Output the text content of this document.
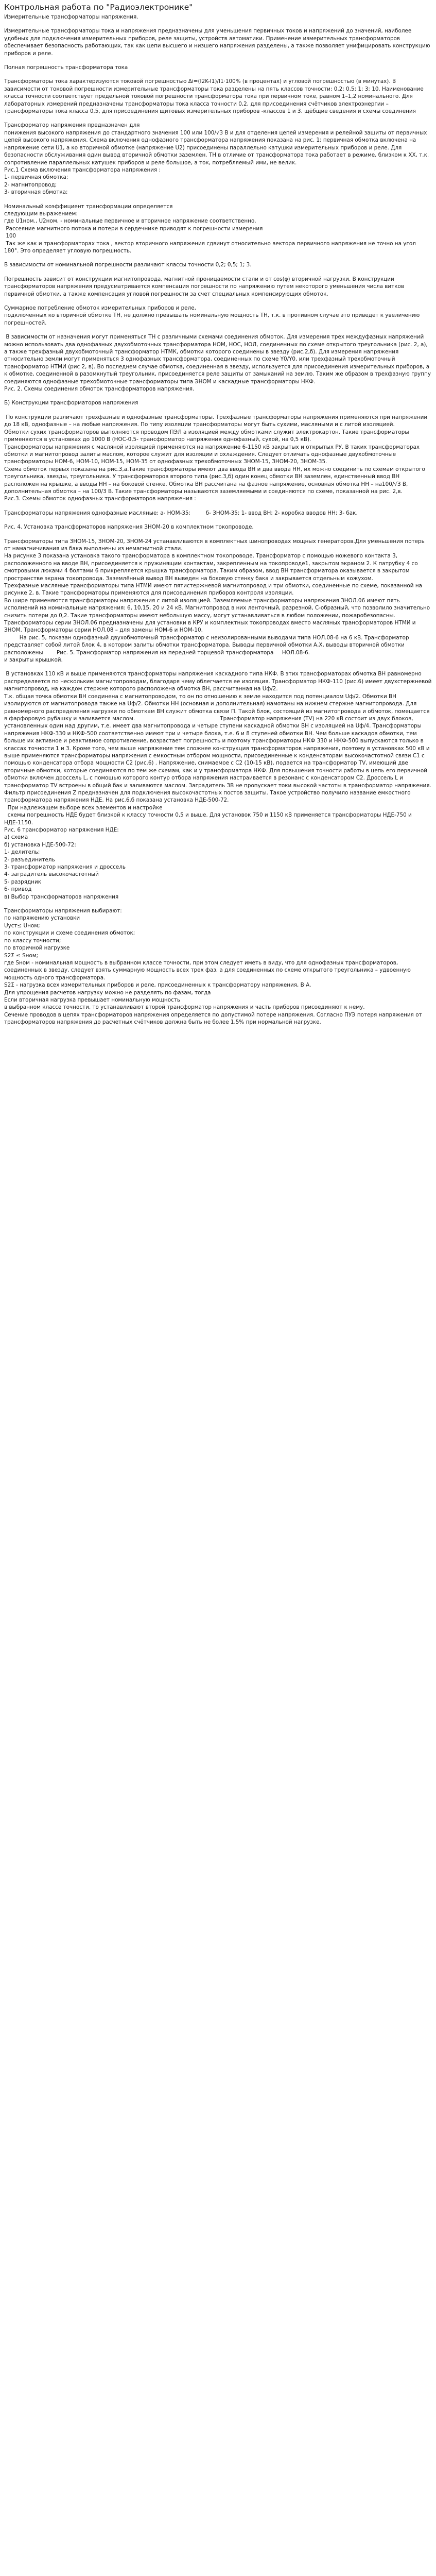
Контрольная работа по "Радиоэлектронике"

Измерительные трансформаторы напряжения.

Измерительные трансформаторы тока и напряжения предназначены для уменьшения первичных токов и напряжений до значений, наиболее удобных для подключения измерительных приборов, реле защиты, устройств автоматики. Применение измерительных трансформаторов обеспечивает безопасность работающих, так как цепи высшего и низшего напряжения разделены, а также позволяет унифицировать конструкцию приборов и реле.

Полная погрешность трансформатора тока

Трансформаторы тока характеризуются токовой погрешностью Δi=(I2K-I1)/I1·100% (в процентах) и угловой погрешностью (в минутах). В зависимости от токовой погрешности измерительные трансформаторы тока разделены на пять классов точности: 0,2; 0,5; 1; 3; 10. Наименование класса точности соответствует предельной токовой погрешности трансформатора тока при первичном токе, равном 1–1,2 номинального. Для лабораторных измерений предназначены трансформаторы тока класса точности 0,2, для присоединения счётчиков электроэнергии – трансформаторы тока класса 0,5, для присоединения щитовых измерительных приборов -классов 1 и 3. щёбщие сведения и схемы соединения

Трансформатор напряжения предназначен для
понижения высокого напряжения до стандартного значения 100 или 100/√3 В и для отделения цепей измерения и релейной защиты от первичных цепей высокого напряжения. Схема включения однофазного трансформатора напряжения показана на рис. 1; первичная обмотка включена на напряжение сети U1, а ко вторичной обмотке (напряжение U2) присоединены параллельно катушки измерительных приборов и реле. Для безопасности обслуживания один вывод вторичной обмотки заземлен. ТН в отличие от трансформатора тока работает в режиме, близком к ХХ, т.к. сопротивление параллельных катушек приборов и реле большое, а ток, потребляемый ими, не велик.
Рис.1 Схема включения трансформатора напряжения :
1- первичная обмотка;
2- магнитопровод;
3- вторичная обмотка;

Номинальный коэффициент трансформации определяется
следующим выражением:
где U1ном., U2ном. - номинальные первичное и вторичное напряжение соответственно.
Рассеяние магнитного потока и потери в сердечнике приводят к погрешности измерения
100
Так же как и трансформаторах тока , вектор вторичного напряжения сдвинут относительно вектора первичного напряжения не точно на угол 180°. Это определяет угловую погрешность.

В зависимости от номинальной погрешности различают классы точности 0,2; 0,5; 1; 3.

Погрешность зависит от конструкции магнитопровода, магнитной проницаемости стали и от cos(φ) вторичной нагрузки. В конструкции трансформаторов напряжения предусматривается компенсация погрешности по напряжению путем некоторого уменьшения числа витков первичной обмотки, а также компенсация угловой погрешности за счет специальных компенсирующих обмоток.

Суммарное потребление обмоток измерительных приборов и реле,
подключенных ко вторичной обмотке ТН, не должно превышать номинальную мощность ТН, т.к. в противном случае это приведет к увеличению погрешностей.

В зависимости от назначения могут применяться ТН с различными схемами соединения обмоток. Для измерения трех междуфазных напряжений можно использовать два однофазных двухобмоточных трансформатора НОМ, НОС, НОЛ, соединенных по схеме открытого треугольника (рис. 2, а), а также трехфазный двухобмоточный трансформатор НТМК, обмотки которого соединены в звезду (рис.2,б). Для измерения напряжения относительно земли могут применяться 3 однофазных трансформатора, соединенных по схеме Y0/Y0, или трехфазный трехобмоточный трансформатор НТМИ (рис 2, в). Во последнем случае обмотка, соединенная в звезду, используется для присоединения измерительных приборов, а к обмотке, соединенной в разомкнутый треугольник, присоединяется реле защиты от замыканий на землю. Таким же образом в трехфазную группу соединяются однофазные трехобмоточные трансформаторы типа ЭНОМ и каскадные трансформаторы НКФ.
Рис. 2. Схемы соединения обмоток трансформаторов напряжения.

Б) Конструкции трансформаторов напряжения

По конструкции различают трехфазные и однофазные трансформаторы. Трехфазные трансформаторы напряжения применяются при напряжении до 18 кВ, однофазные – на любые напряжения. По типу изоляции трансформаторы могут быть сухими, масляными и с литой изоляцией.
Обмотки сухих трансформаторов выполняются проводом ПЭЛ а изоляцией между обмотками служит электрокартон. Такие трансформаторы применяются в установках до 1000 В (НОС-0,5- трансформатор напряжения однофазный, сухой, на 0,5 кВ).
Трансформаторы напряжения с масляной изоляцией применяются на напряжение 6-1150 кВ закрытых и открытых РУ. В таких трансформаторах обмотки и магнитопровод залиты маслом, которое служит для изоляции и охлаждения. Следует отличать однофазные двухобмоточные трансформаторы НОМ-6, НОМ-10, НОМ-15, НОМ-35 от однофазных трехобмоточных ЗНОМ-15, ЗНОМ-20, ЗНОМ-35.
Схема обмоток первых показана на рис.3,а.Такие трансформаторы имеют два ввода ВН и два ввода НН, их можно соединить по схемам открытого треугольника, звезды, треугольника. У трансформаторов второго типа (рис.3,б) один конец обмотки ВН заземлен, единственный ввод ВН расположен на крышке, а вводы НН – на боковой стенке. Обмотка ВН рассчитана на фазное напряжение, основная обмотка НН – на100/√3 В, дополнительная обмотка – на 100/3 В. Такие трансформаторы называются заземляемыми и соединяются по схеме, показанной на рис. 2,в.
Рис.3. Схемы обмоток однофазных трансформаторов напряжения :

Трансформаторы напряжения однофазные масляные: а- НОМ-35;         б- ЗНОМ-35; 1- ввод ВН; 2- коробка вводов НН; 3- бак.

Рис. 4. Установка трансформаторов напряжения ЗНОМ-20 в комплектном токопроводе.

Трансформаторы типа ЗНОМ-15, ЗНОМ-20, ЗНОМ-24 устанавливаются в комплектных шинопроводах мощных генераторов.Для уменьшения потерь от намагничивания из бака выполнены из немагнитной стали.
На рисунке 3 показана установка такого трансформатора в комплектном токопроводе. Трансформатор с помощью ножевого контакта 3, расположенного на вводе ВН, присоединяется к пружинящим контактам, закрепленным на токопроводе1, закрытом экраном 2. К патрубку 4 со смотровыми люками 4 болтами 6 прикрепляется крышка трансформатора. Таким образом, ввод ВН трансформатора оказывается в закрытом пространстве экрана токопровода. Заземлённый вывод ВН выведен на боковую стенку бака и закрывается отдельным кожухом.
Трехфазные масляные трансформаторы типа НТМИ имеют пятистержневой магнитопровод и три обмотки, соединенные по схеме, показанной на рисунке 2, в. Такие трансформаторы применяются для присоединения приборов контроля изоляции.
Во шире применяются трансформаторы напряжения с литой изоляцией. Заземляемые трансформаторы напряжения ЗНОЛ.06 имеют пять исполнений на номинальные напряжения: 6, 10,15, 20 и 24 кВ. Магнитопровод в них ленточный, разрезной, С-образный, что позволило значительно снизить потери до 0,2. Такие трансформаторы имеют небольшую массу, могут устанавливаться в любом положении, пожаробезопасны. Трансформаторы серии ЗНОЛ.06 предназначены для установки в КРУ и комплектных токопроводах вместо масляных трансформаторов НТМИ и ЗНОМ. Трансформаторы серии НОЛ.08 – для замены НОМ-6 и НОМ-10.
На рис. 5, показан однофазный двухобмоточный трансформатор с неизолированными выводами типа НОЛ.08-6 на 6 кВ. Трансформатор представляет собой литой блок 4, в котором залиты обмотки трансформатора. Выводы первичной обмотки А,Х, выводы вторичной обмотки расположены        Рис. 5. Трансформатор напряжения на передней торцевой трансформатора     НОЛ.08-6.
и закрыты крышкой.

В установках 110 кВ и выше применяются трансформаторы напряжения каскадного типа НКФ. В этих трансформаторах обмотка ВН равномерно распределяется по нескольким магнитопроводам, благодаря чему облегчается ее изоляция. Трансформатор НКФ-110 (рис.6) имеет двухстержневой магнитопровод, на каждом стержне которого расположена обмотка ВН, рассчитанная на Uф/2.
Т.к. общая точка обмотки ВН соединена с магнитопроводом, то он по отношению к земле находится под потенциалом Uф/2. Обмотки ВН изолируются от магнитопровода также на Uф/2. Обмотки НН (основная и дополнительная) намотаны на нижнем стержне магнитопровода. Для равномерного распределения нагрузки по обмоткам ВН служит обмотка связи П. Такой блок, состоящий из магнитопровода и обмоток, помещается в фарфоровую рубашку и заливается маслом.                                                  Трансформатор напряжения (TV) на 220 кВ состоит из двух блоков, установленных один над другим, т.е. имеет два магнитопровода и четыре ступени каскадной обмотки ВН с изоляцией на Uф/4. Трансформаторы напряжения НКФ-330 и НКФ-500 соответственно имеют три и четыре блока, т.е. 6 и 8 ступеней обмотки ВН. Чем больше каскадов обмотки, тем больше их активное и реактивное сопротивление, возрастает погрешность и поэтому трансформаторы НКФ 330 и НКФ-500 выпускаются только в классах точности 1 и 3. Кроме того, чем выше напряжение тем сложнее конструкция трансформаторов напряжения, поэтому в установках 500 кВ и выше применяются трансформаторы напряжения с емкостным отбором мощности, присоединенные к конденсаторам высокочастотной связи С1 с помощью конденсатора отбора мощности С2 (рис.6) . Напряжение, снимаемое с С2 (10-15 кВ), подается на трансформатор TV, имеющий две вторичные обмотки, которые соединяются по тем же схемам, как и у трансформатора НКФ. Для повышения точности работы в цепь его первичной обмотки включен дроссель L, с помощью которого контур отбора напряжения настраивается в резонанс с конденсатором С2. Дроссель L и трансформатор TV встроены в общий бак и заливаются маслом. Заградитель ЗВ не пропускает токи высокой частоты в трансформатор напряжения. Фильтр присоединения Z предназначен для подключения высокочастотных постов защиты. Такое устройство получило название емкостного трансформатора напряжения НДЕ. На рис.6,б показана установка НДЕ-500-72.
При надлежащем выборе всех элементов и настройке
схемы погрешность НДЕ будет близкой к классу точности 0,5 и выше. Для установок 750 и 1150 кВ применяется трансформаторы НДЕ-750 и НДЕ-1150.
Рис. 6 трансформатор напряжения НДЕ:
а) схема
б) установка НДЕ-500-72:
1- делитель;
2- разъединитель
3- трансформатор напряжения и дроссель
4- заградитель высокочастотный
5- разрядник
6- привод
в) Выбор трансформаторов напряжения

Трансформаторы напряжения выбирают:
по напряжению установки
Uуст≤ Uном;
по конструкции и схеме соединения обмоток;
по классу точности;
по вторичной нагрузке
S2Σ ≤ Sном;
где Sном - номинальная мощность в выбранном классе точности, при этом следует иметь в виду, что для однофазных трансформаторов, соединенных в звезду, следует взять суммарную мощность всех трех фаз, а для соединенных по схеме открытого треугольника – удвоенную мощность одного трансформатора.
S2Σ - нагрузка всех измерительных приборов и реле, присоединенных к трансформатору напряжения, В·А.
Для упрощения расчетов нагрузку можно не разделять по фазам, тогда
Если вторичная нагрузка превышает номинальную мощность
в выбранном классе точности, то устанавливают второй трансформатор напряжения и часть приборов присоединяют к нему.
Сечение проводов в цепях трансформаторов напряжения определяется по допустимой потере напряжения. Согласно ПУЭ потеря напряжения от трансформаторов напряжения до расчетных счётчиков должна быть не более 1,5% при нормальной нагрузке.
